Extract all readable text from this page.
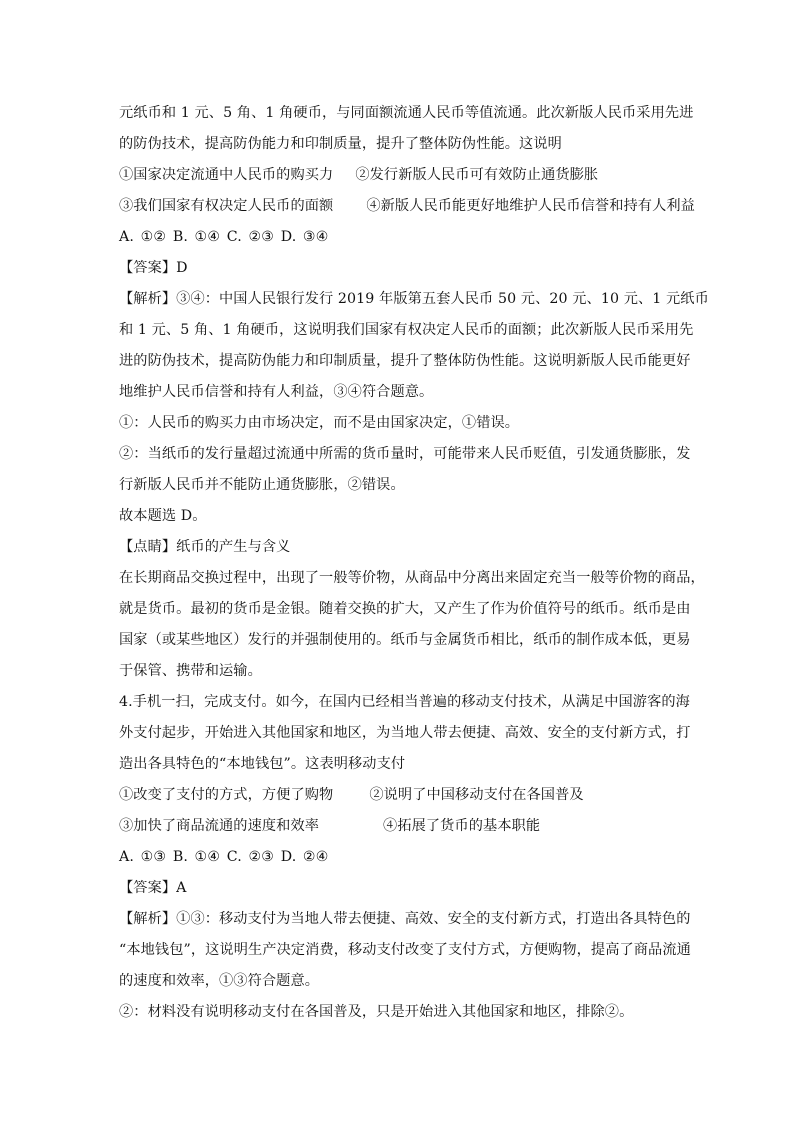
元纸币和 1 元、5 角、1 角硬币，与同面额流通人民币等值流通。此次新版人民币采用先进
的防伪技术，提高防伪能力和印制质量，提升了整体防伪性能。这说明
①国家决定流通中人民币的购买力 ②发行新版人民币可有效防止通货膨胀
③我们国家有权决定人民币的面额 ④新版人民币能更好地维护人民币信誉和持有人利益
A. ①② B. ①④ C. ②③ D. ③④
【答案】D
【解析】③④：中国人民银行发行 2019 年版第五套人民币 50 元、20 元、10 元、1 元纸币
和 1 元、5 角、1 角硬币，这说明我们国家有权决定人民币的面额；此次新版人民币采用先
进的防伪技术，提高防伪能力和印制质量，提升了整体防伪性能。这说明新版人民币能更好
地维护人民币信誉和持有人利益，③④符合题意。
①：人民币的购买力由市场决定，而不是由国家决定，①错误。
②：当纸币的发行量超过流通中所需的货币量时，可能带来人民币贬值，引发通货膨胀，发
行新版人民币并不能防止通货膨胀，②错误。
故本题选 D。
【点睛】纸币的产生与含义
在长期商品交换过程中，出现了一般等价物，从商品中分离出来固定充当一般等价物的商品，
就是货币。最初的货币是金银。随着交换的扩大，又产生了作为价值符号的纸币。纸币是由
国家（或某些地区）发行的并强制使用的。纸币与金属货币相比，纸币的制作成本低，更易
于保管、携带和运输。
4.手机一扫，完成支付。如今，在国内已经相当普遍的移动支付技术，从满足中国游客的海
外支付起步，开始进入其他国家和地区，为当地人带去便捷、高效、安全的支付新方式，打
造出各具特色的“本地钱包”。这表明移动支付
①改变了支付的方式，方便了购物	②说明了中国移动支付在各国普及
③加快了商品流通的速度和效率	④拓展了货币的基本职能
A. ①③ B. ①④ C. ②③ D. ②④
【答案】A
【解析】①③：移动支付为当地人带去便捷、高效、安全的支付新方式，打造出各具特色的
“本地钱包”，这说明生产决定消费，移动支付改变了支付方式，方便购物，提高了商品流通
的速度和效率，①③符合题意。
②：材料没有说明移动支付在各国普及，只是开始进入其他国家和地区，排除②。
